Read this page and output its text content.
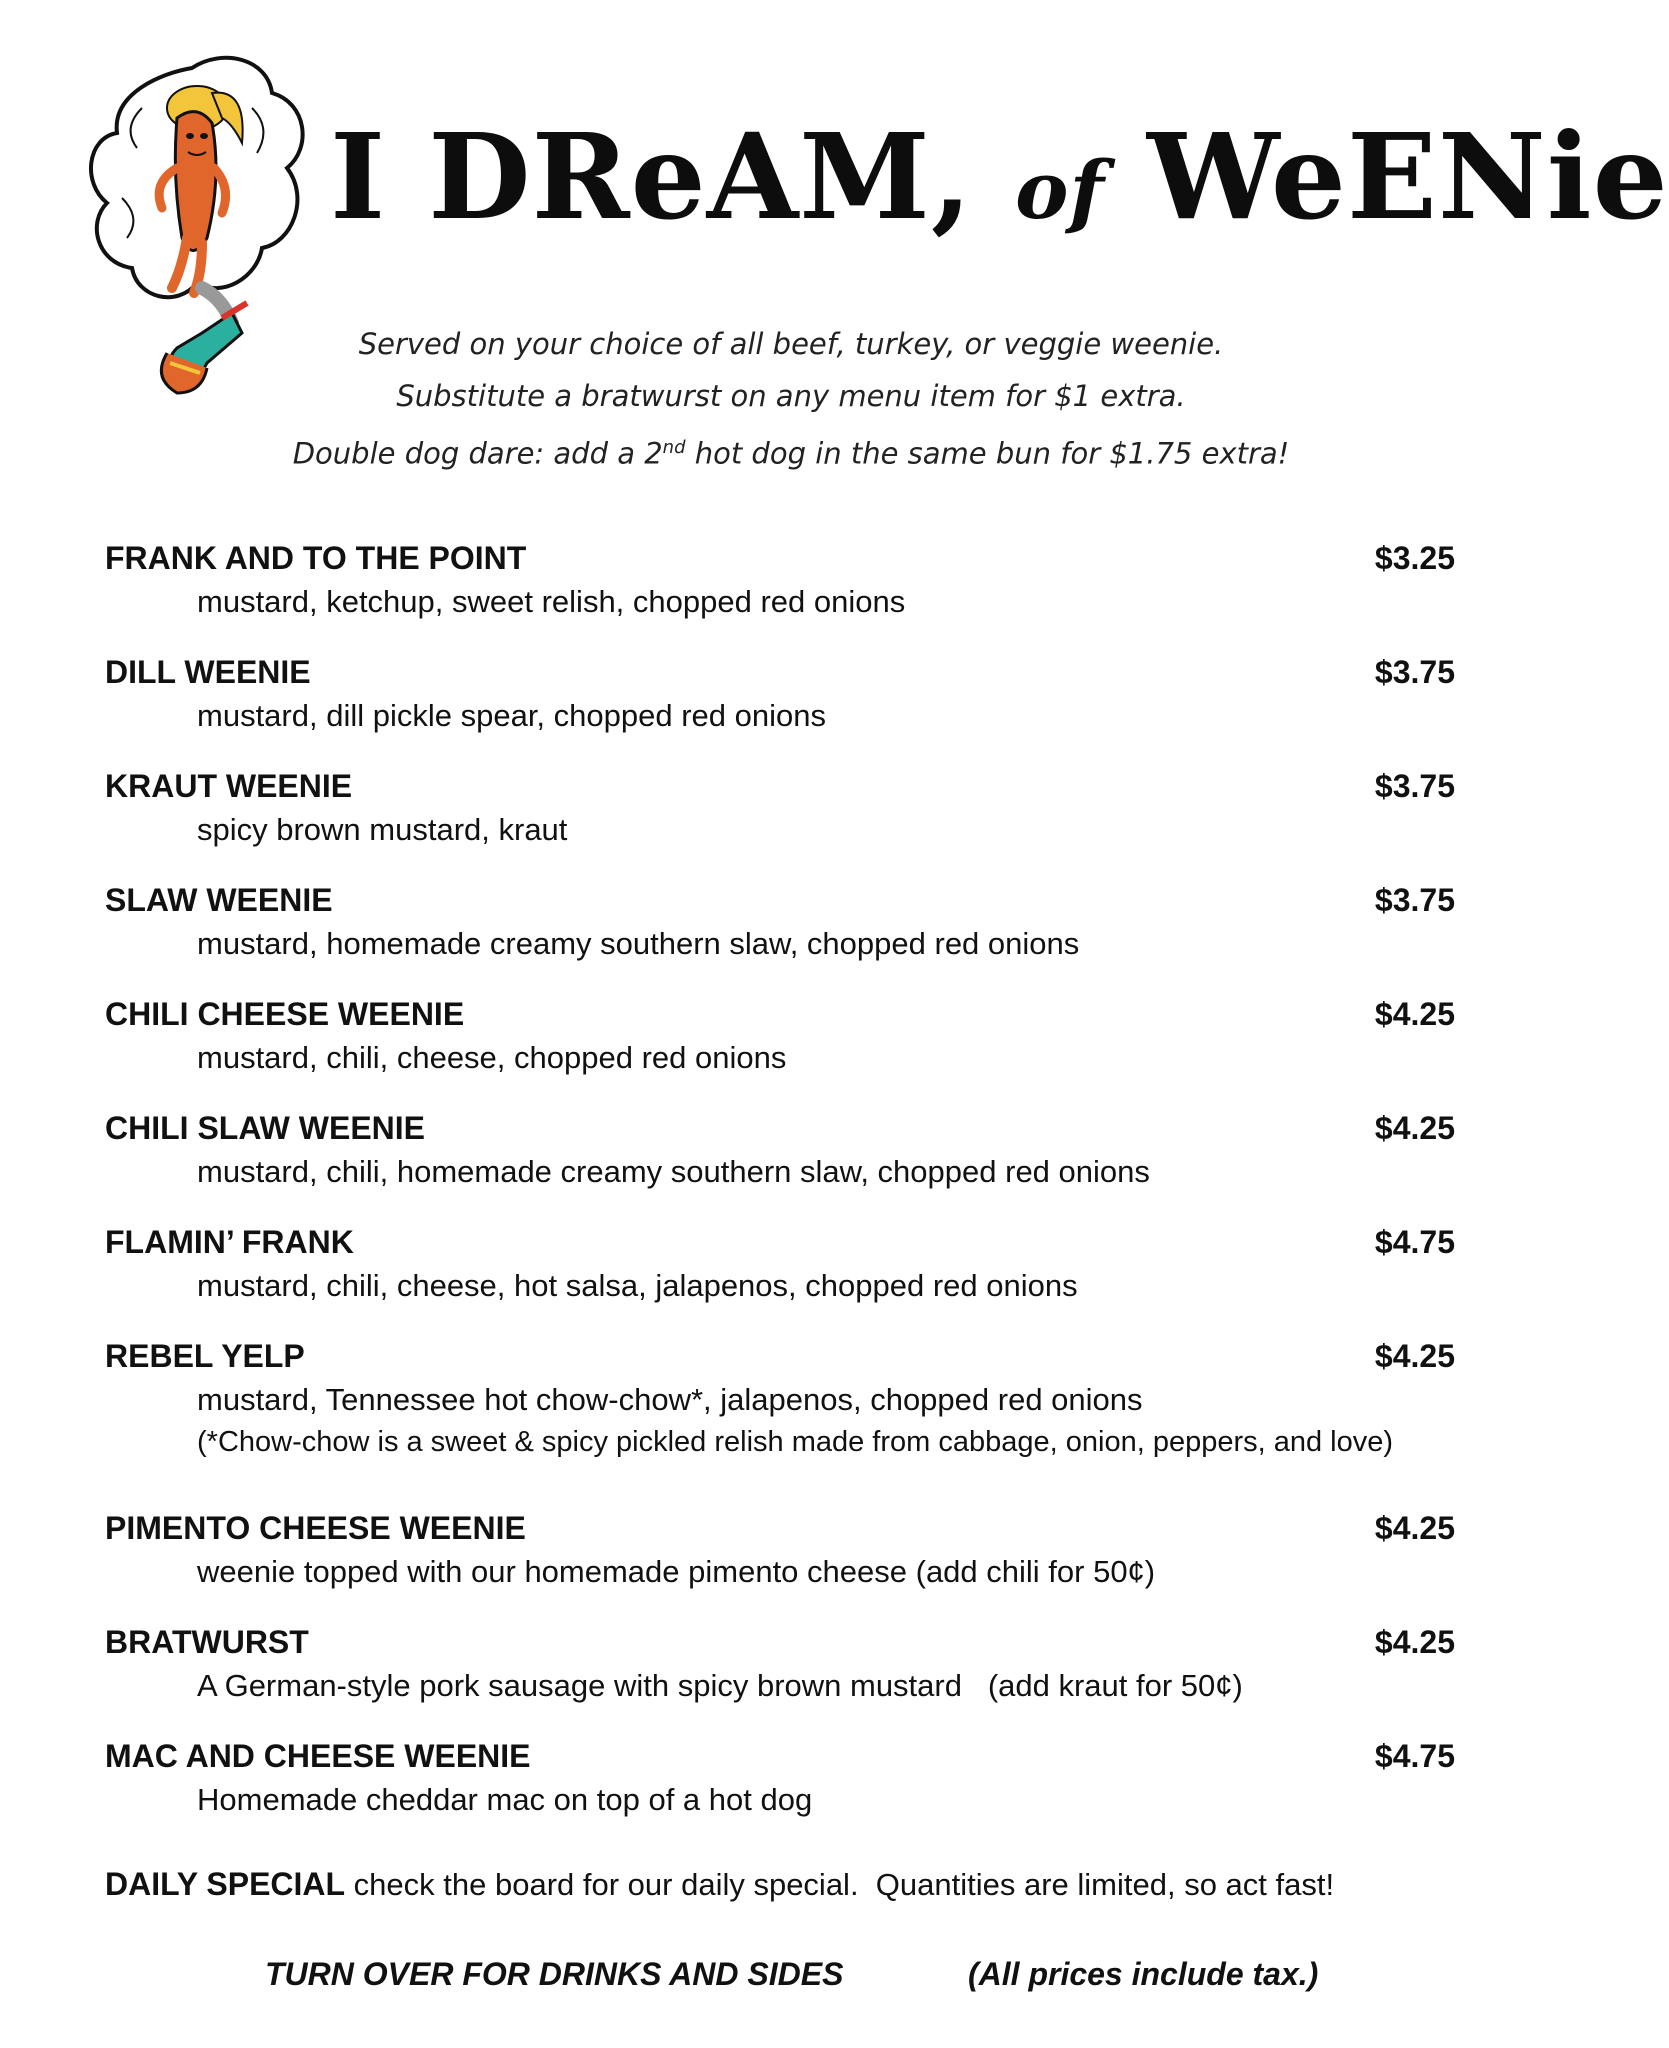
I DReAM, of WeENie

Served on your choice of all beef, turkey, or veggie weenie.

Substitute a bratwurst on any menu item for $1 extra.

Double dog dare: add a 2nd hot dog in the same bun for $1.75 extra!

FRANK AND TO THE POINT	$3.25
mustard, ketchup, sweet relish, chopped red onions
DILL WEENIE	$3.75
mustard, dill pickle spear, chopped red onions
KRAUT WEENIE	$3.75
spicy brown mustard, kraut
SLAW WEENIE	$3.75
mustard, homemade creamy southern slaw, chopped red onions
CHILI CHEESE WEENIE	$4.25
mustard, chili, cheese, chopped red onions
CHILI SLAW WEENIE	$4.25
mustard, chili, homemade creamy southern slaw, chopped red onions
FLAMIN’ FRANK	$4.75
mustard, chili, cheese, hot salsa, jalapenos, chopped red onions
REBEL YELP	$4.25
mustard, Tennessee hot chow-chow*, jalapenos, chopped red onions
(*Chow-chow is a sweet & spicy pickled relish made from cabbage, onion, peppers, and love)
PIMENTO CHEESE WEENIE	$4.25
weenie topped with our homemade pimento cheese (add chili for 50¢)
BRATWURST	$4.25
A German-style pork sausage with spicy brown mustard   (add kraut for 50¢)
MAC AND CHEESE WEENIE	$4.75
Homemade cheddar mac on top of a hot dog
DAILY SPECIAL check the board for our daily special.  Quantities are limited, so act fast!
TURN OVER FOR DRINKS AND SIDES	(All prices include tax.)
